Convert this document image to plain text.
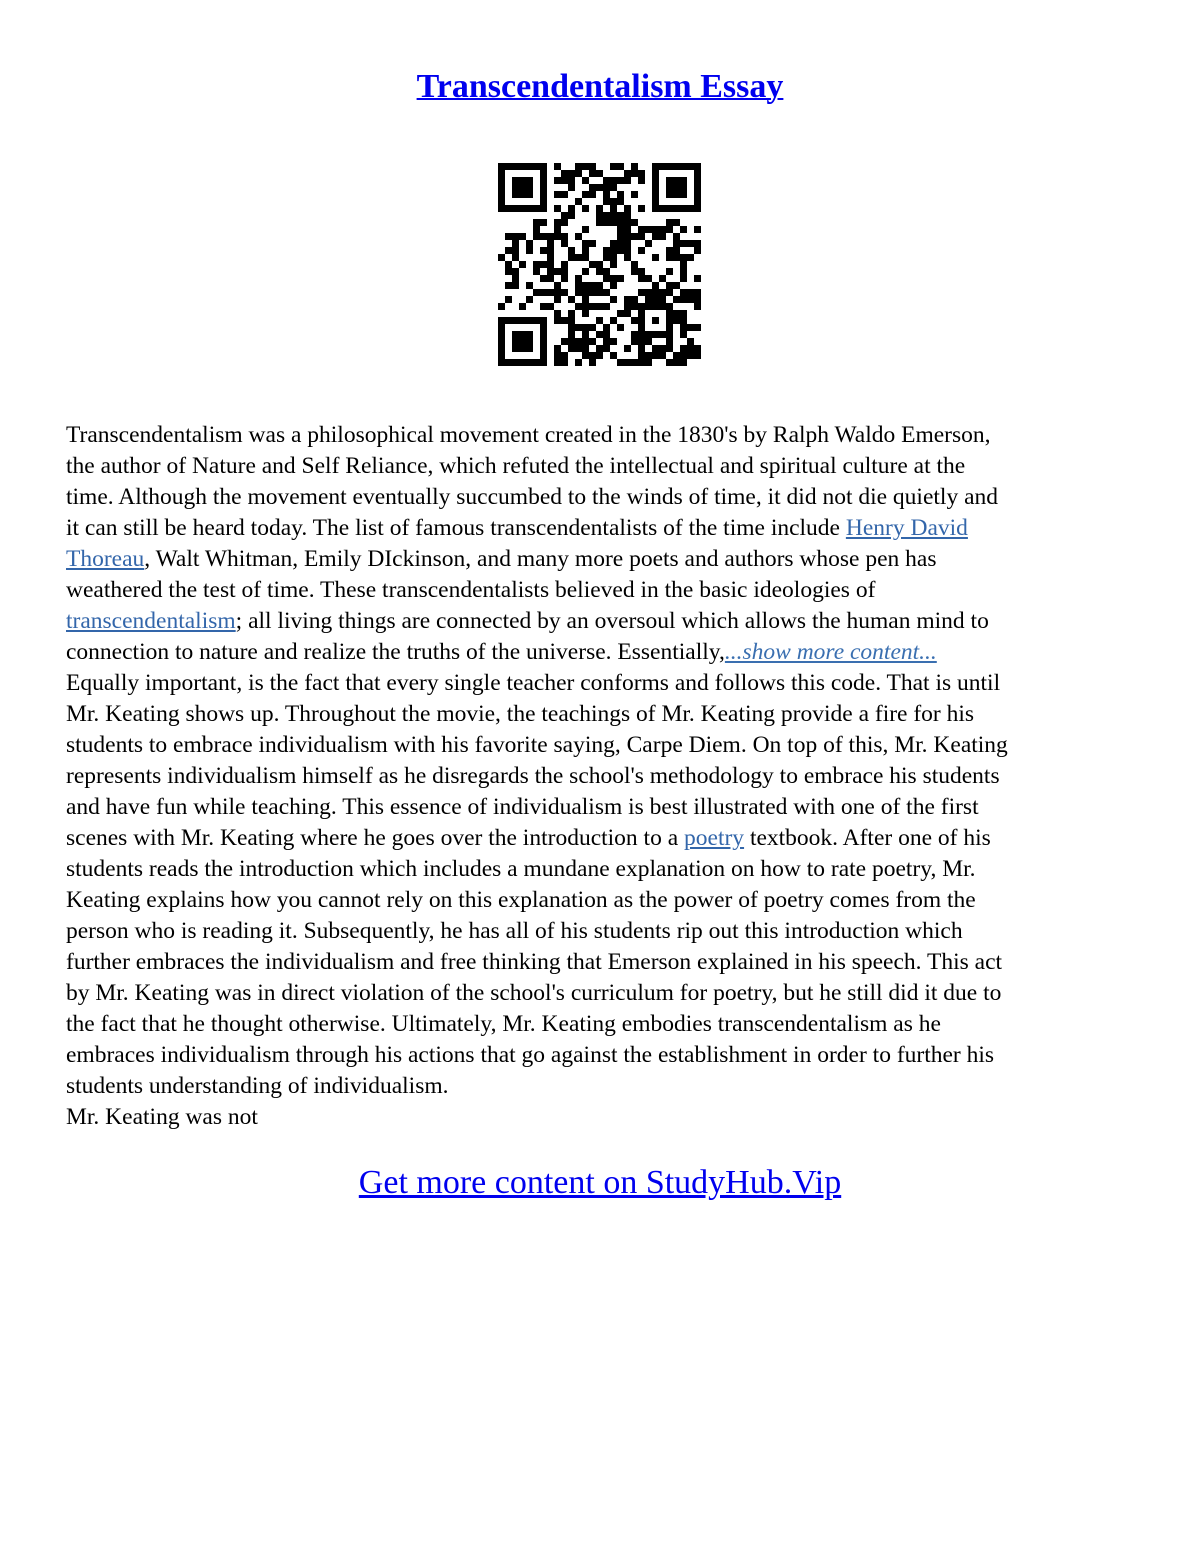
Transcendentalism Essay

Transcendentalism was a philosophical movement created in the 1830's by Ralph Waldo Emerson,
the author of Nature and Self Reliance, which refuted the intellectual and spiritual culture at the
time. Although the movement eventually succumbed to the winds of time, it did not die quietly and
it can still be heard today. The list of famous transcendentalists of the time include Henry David
Thoreau, Walt Whitman, Emily DIckinson, and many more poets and authors whose pen has
weathered the test of time. These transcendentalists believed in the basic ideologies of
transcendentalism; all living things are connected by an oversoul which allows the human mind to
connection to nature and realize the truths of the universe. Essentially,...show more content...
Equally important, is the fact that every single teacher conforms and follows this code. That is until
Mr. Keating shows up. Throughout the movie, the teachings of Mr. Keating provide a fire for his
students to embrace individualism with his favorite saying, Carpe Diem. On top of this, Mr. Keating
represents individualism himself as he disregards the school's methodology to embrace his students
and have fun while teaching. This essence of individualism is best illustrated with one of the first
scenes with Mr. Keating where he goes over the introduction to a poetry textbook. After one of his
students reads the introduction which includes a mundane explanation on how to rate poetry, Mr.
Keating explains how you cannot rely on this explanation as the power of poetry comes from the
person who is reading it. Subsequently, he has all of his students rip out this introduction which
further embraces the individualism and free thinking that Emerson explained in his speech. This act
by Mr. Keating was in direct violation of the school's curriculum for poetry, but he still did it due to
the fact that he thought otherwise. Ultimately, Mr. Keating embodies transcendentalism as he
embraces individualism through his actions that go against the establishment in order to further his
students understanding of individualism.
Mr. Keating was not

Get more content on StudyHub.Vip
